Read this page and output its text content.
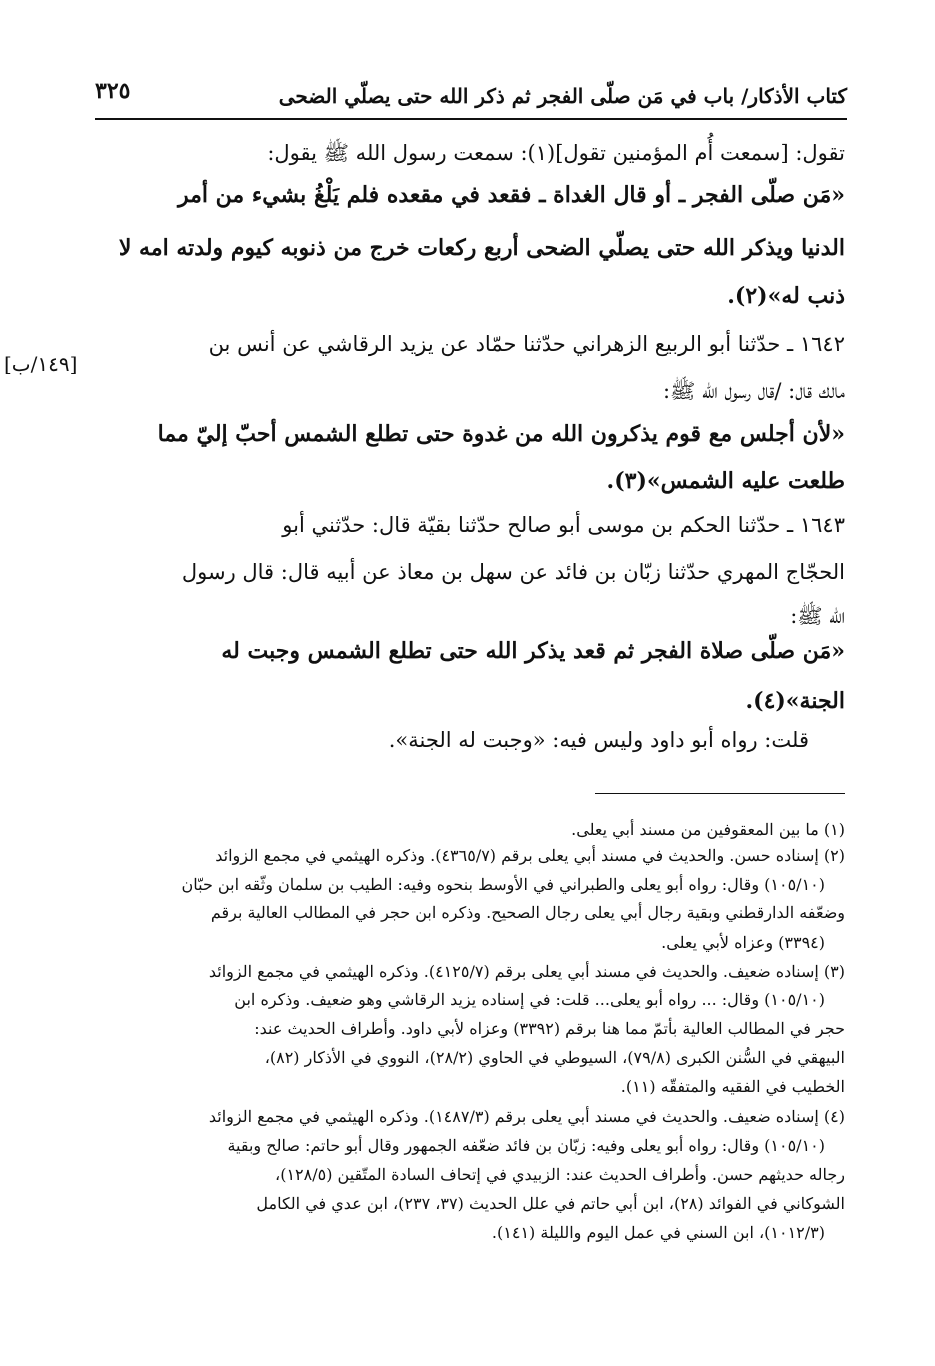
كتاب الأذكار/ باب في مَن صلّى الفجر ثم ذكر الله حتى يصلّي الضحى
٣٢٥
[١٤٩/ب]
تقول: [سمعت أُم المؤمنين تقول](١): سمعت رسول الله ﷺ يقول:
«مَن صلّى الفجر ـ أو قال الغداة ـ فقعد في مقعده فلم يَلْغُ بشيء من أمر
الدنيا ويذكر الله حتى يصلّي الضحى أربع ركعات خرج من ذنوبه كيوم ولدته امه لا
ذنب له»(٢).
١٦٤٢ ـ حدّثنا أبو الربيع الزهراني حدّثنا حمّاد عن يزيد الرقاشي عن أنس بن
مالك قال: /قال رسول الله ﷺ:
«لأن أجلس مع قوم يذكرون الله من غدوة حتى تطلع الشمس أحبّ إليّ مما
طلعت عليه الشمس»(٣).
١٦٤٣ ـ حدّثنا الحكم بن موسى أبو صالح حدّثنا بقيّة قال: حدّثني أبو
الحجّاج المهري حدّثنا زبّان بن فائد عن سهل بن معاذ عن أبيه قال: قال رسول
الله ﷺ:
«مَن صلّى صلاة الفجر ثم قعد يذكر الله حتى تطلع الشمس وجبت له
الجنة»(٤).
قلت: رواه أبو داود وليس فيه: «وجبت له الجنة».
(١) ما بين المعقوفين من مسند أبي يعلى.
(٢) إسناده حسن. والحديث في مسند أبي يعلى برقم (٤٣٦٥/٧). وذكره الهيثمي في مجمع الزوائد
(١٠٥/١٠) وقال: رواه أبو يعلى والطبراني في الأوسط بنحوه وفيه: الطيب بن سلمان وثّقه ابن حبّان
وضعّفه الدارقطني وبقية رجال أبي يعلى رجال الصحيح. وذكره ابن حجر في المطالب العالية برقم
(٣٣٩٤) وعزاه لأبي يعلى.
(٣) إسناده ضعيف. والحديث في مسند أبي يعلى برقم (٤١٢٥/٧). وذكره الهيثمي في مجمع الزوائد
(١٠٥/١٠) وقال: ... رواه أبو يعلى... قلت: في إسناده يزيد الرقاشي وهو ضعيف. وذكره ابن
حجر في المطالب العالية بأتمّ مما هنا برقم (٣٣٩٢) وعزاه لأبي داود. وأطراف الحديث عند:
البيهقي في السُّنن الكبرى (٧٩/٨)، السيوطي في الحاوي (٢٨/٢)، النووي في الأذكار (٨٢)،
الخطيب في الفقيه والمتفقّه (١١).
(٤) إسناده ضعيف. والحديث في مسند أبي يعلى برقم (١٤٨٧/٣). وذكره الهيثمي في مجمع الزوائد
(١٠٥/١٠) وقال: رواه أبو يعلى وفيه: زبّان بن فائد ضعّفه الجمهور وقال أبو حاتم: صالح وبقية
رجاله حديثهم حسن. وأطراف الحديث عند: الزبيدي في إتحاف السادة المتّقين (١٢٨/٥)،
الشوكاني في الفوائد (٢٨)، ابن أبي حاتم في علل الحديث (٣٧، ٢٣٧)، ابن عدي في الكامل
(١٠١٢/٣)، ابن السني في عمل اليوم والليلة (١٤١).
